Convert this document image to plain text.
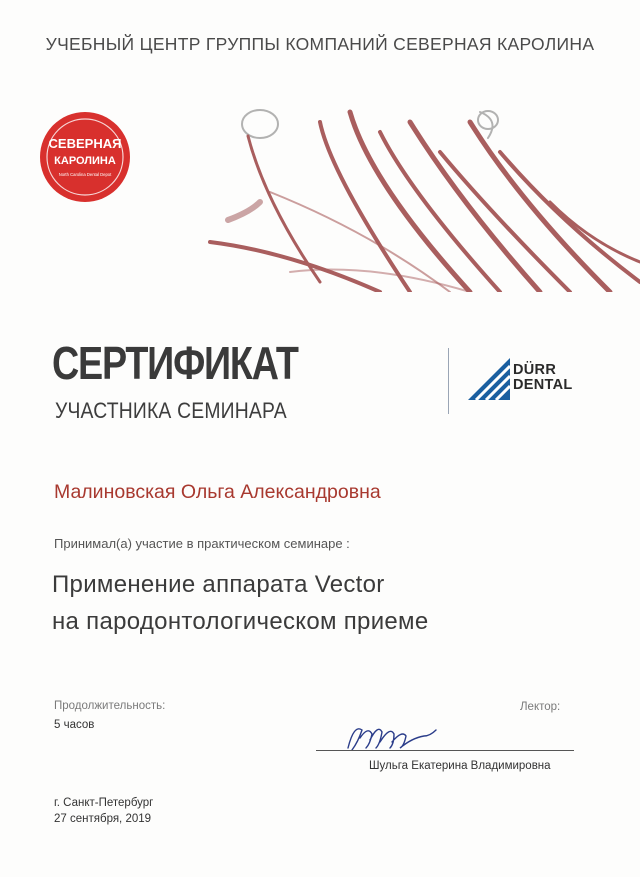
УЧЕБНЫЙ ЦЕНТР ГРУППЫ КОМПАНИЙ СЕВЕРНАЯ КАРОЛИНА
СЕВЕРНАЯ
КАРОЛИНА
North Carolina Dental Depot
СЕРТИФИКАТ
УЧАСТНИКА СЕМИНАРА
DÜRR
DENTAL
Малиновская Ольга Александровна
Принимал(а) участие в практическом семинаре :
Применение аппарата Vector
на пародонтологическом приеме
Продолжительность:
5 часов
Лектор:
Шульга Екатерина Владимировна
г. Санкт-Петербург
27 сентября, 2019
